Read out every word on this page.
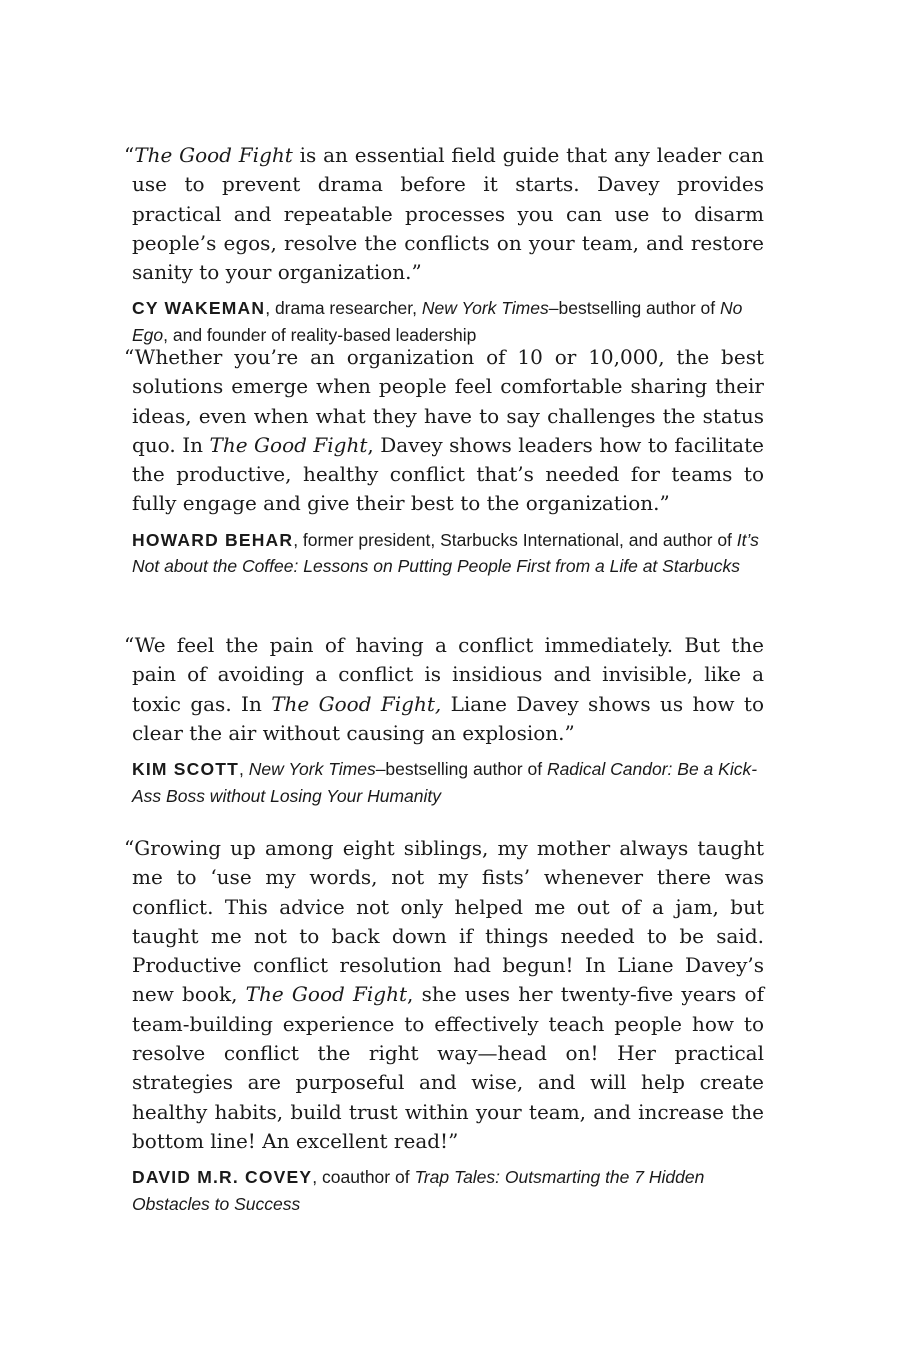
“The Good Fight is an essential field guide that any leader can use to prevent drama before it starts. Davey provides practical and repeatable processes you can use to disarm people’s egos, resolve the conflicts on your team, and restore sanity to your organization.”

CY WAKEMAN, drama researcher, New York Times–bestselling author of No Ego, and founder of reality-based leadership

“Whether you’re an organization of 10 or 10,000, the best solutions emerge when people feel comfortable sharing their ideas, even when what they have to say challenges the status quo. In The Good Fight, Davey shows leaders how to facilitate the productive, healthy conflict that’s needed for teams to fully engage and give their best to the organization.”

HOWARD BEHAR, former president, Starbucks International, and author of It’s Not about the Coffee: Lessons on Putting People First from a Life at Starbucks

“We feel the pain of having a conflict immediately. But the pain of avoiding a conflict is insidious and invisible, like a toxic gas. In The Good Fight, Liane Davey shows us how to clear the air without causing an explosion.”

KIM SCOTT, New York Times–bestselling author of Radical Candor: Be a Kick-Ass Boss without Losing Your Humanity

“Growing up among eight siblings, my mother always taught me to ‘use my words, not my fists’ whenever there was conflict. This advice not only helped me out of a jam, but taught me not to back down if things needed to be said. Productive conflict resolution had begun! In Liane Davey’s new book, The Good Fight, she uses her twenty-five years of team-building experience to effectively teach people how to resolve conflict the right way—head on! Her practical strategies are purposeful and wise, and will help create healthy habits, build trust within your team, and increase the bottom line! An excellent read!”

DAVID M.R. COVEY, coauthor of Trap Tales: Outsmarting the 7 Hidden Obstacles to Success
